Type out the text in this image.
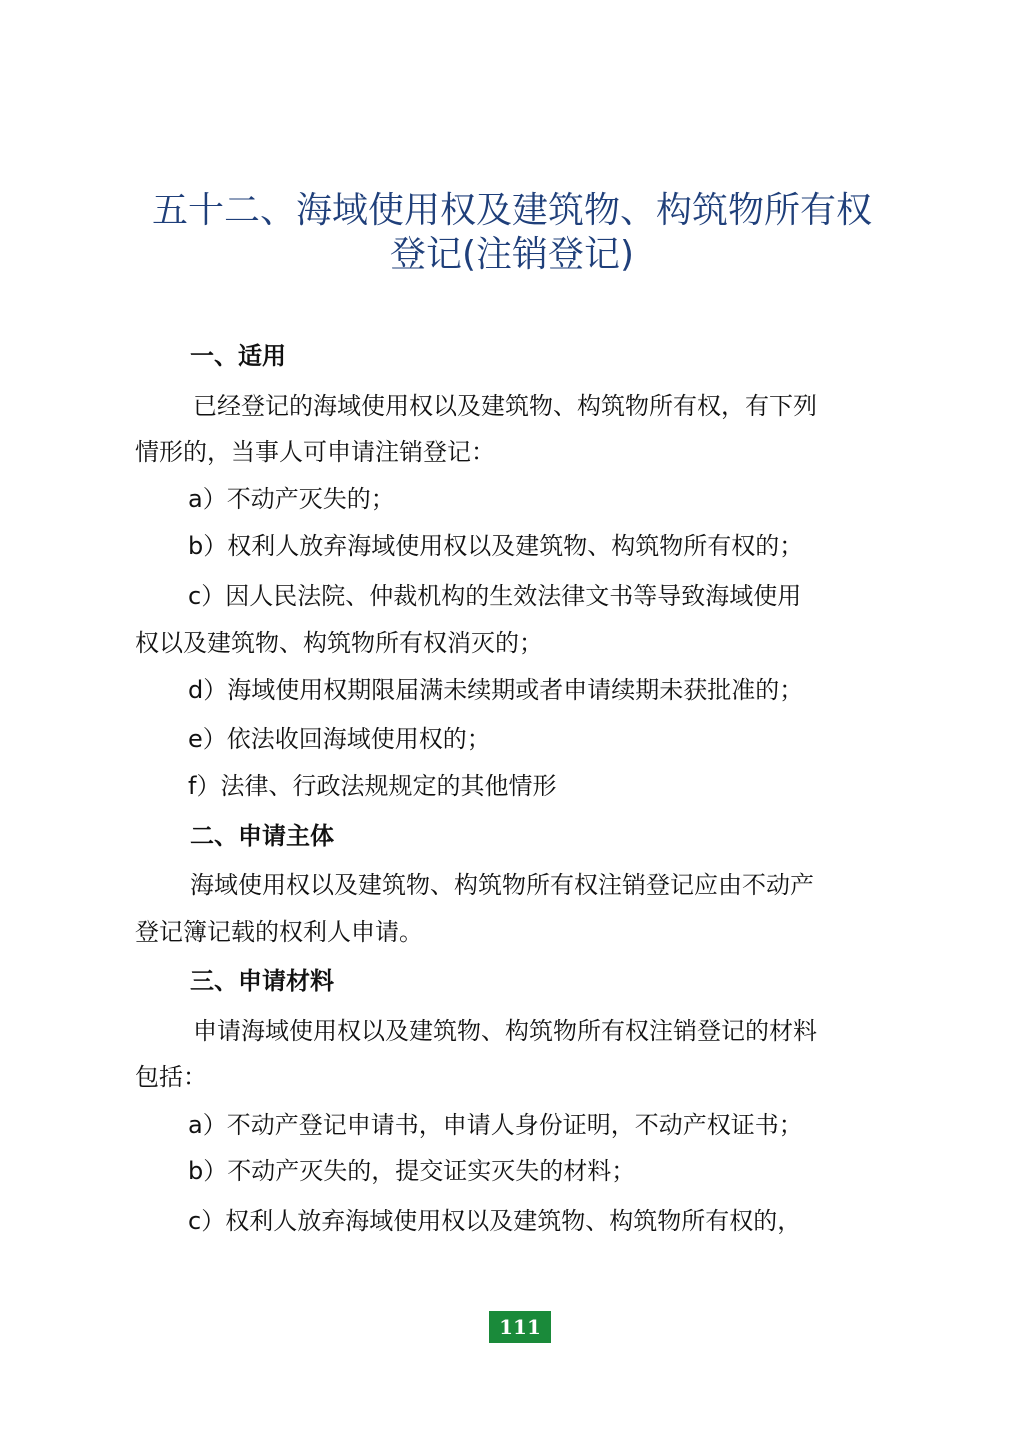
五十二、海域使用权及建筑物、构筑物所有权
登记(注销登记)
一、适用
已经登记的海域使用权以及建筑物、构筑物所有权，有下列
情形的，当事人可申请注销登记：
a）不动产灭失的；
b）权利人放弃海域使用权以及建筑物、构筑物所有权的；
c）因人民法院、仲裁机构的生效法律文书等导致海域使用
权以及建筑物、构筑物所有权消灭的；
d）海域使用权期限届满未续期或者申请续期未获批准的；
e）依法收回海域使用权的；
f）法律、行政法规规定的其他情形
二、申请主体
海域使用权以及建筑物、构筑物所有权注销登记应由不动产
登记簿记载的权利人申请。
三、申请材料
申请海域使用权以及建筑物、构筑物所有权注销登记的材料
包括：
a）不动产登记申请书，申请人身份证明，不动产权证书；
b）不动产灭失的，提交证实灭失的材料；
c）权利人放弃海域使用权以及建筑物、构筑物所有权的，
111
